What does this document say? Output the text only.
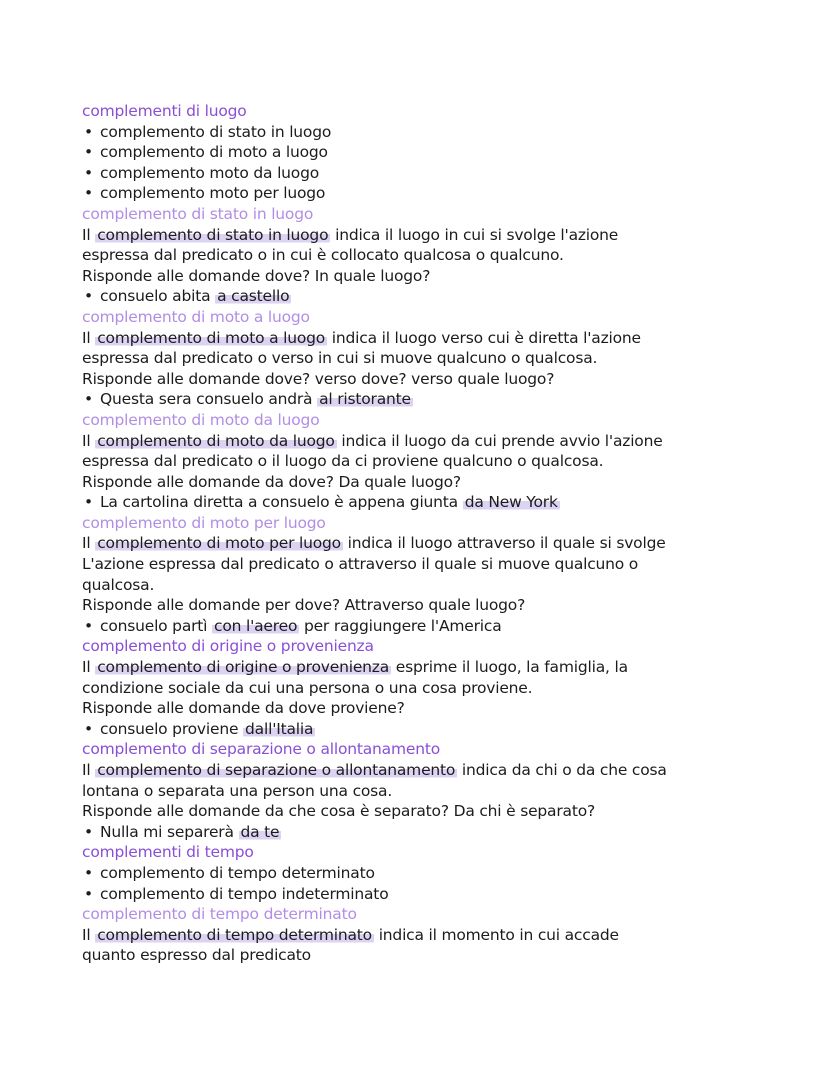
complementi di luogo
• complemento di stato in luogo
• complemento di moto a luogo
• complemento moto da luogo
• complemento moto per luogo
complemento di stato in luogo
Il complemento di stato in luogo indica il luogo in cui si svolge l'azione
espressa dal predicato o in cui è collocato qualcosa o qualcuno.
Risponde alle domande dove? In quale luogo?
• consuelo abita a castello
complemento di moto a luogo
Il complemento di moto a luogo indica il luogo verso cui è diretta l'azione
espressa dal predicato o verso in cui si muove qualcuno o qualcosa.
Risponde alle domande dove? verso dove? verso quale luogo?
• Questa sera consuelo andrà al ristorante
complemento di moto da luogo
Il complemento di moto da luogo indica il luogo da cui prende avvio l'azione
espressa dal predicato o il luogo da ci proviene qualcuno o qualcosa.
Risponde alle domande da dove? Da quale luogo?
• La cartolina diretta a consuelo è appena giunta da New York
complemento di moto per luogo
Il complemento di moto per luogo indica il luogo attraverso il quale si svolge
L'azione espressa dal predicato o attraverso il quale si muove qualcuno o
qualcosa.
Risponde alle domande per dove? Attraverso quale luogo?
• consuelo partì con l'aereo per raggiungere l'America
complemento di origine o provenienza
Il complemento di origine o provenienza esprime il luogo, la famiglia, la
condizione sociale da cui una persona o una cosa proviene.
Risponde alle domande da dove proviene?
• consuelo proviene dall'Italia
complemento di separazione o allontanamento
Il complemento di separazione o allontanamento indica da chi o da che cosa
lontana o separata una person una cosa.
Risponde alle domande da che cosa è separato? Da chi è separato?
• Nulla mi separerà da te
complementi di tempo
• complemento di tempo determinato
• complemento di tempo indeterminato
complemento di tempo determinato
Il complemento di tempo determinato indica il momento in cui accade
quanto espresso dal predicato
